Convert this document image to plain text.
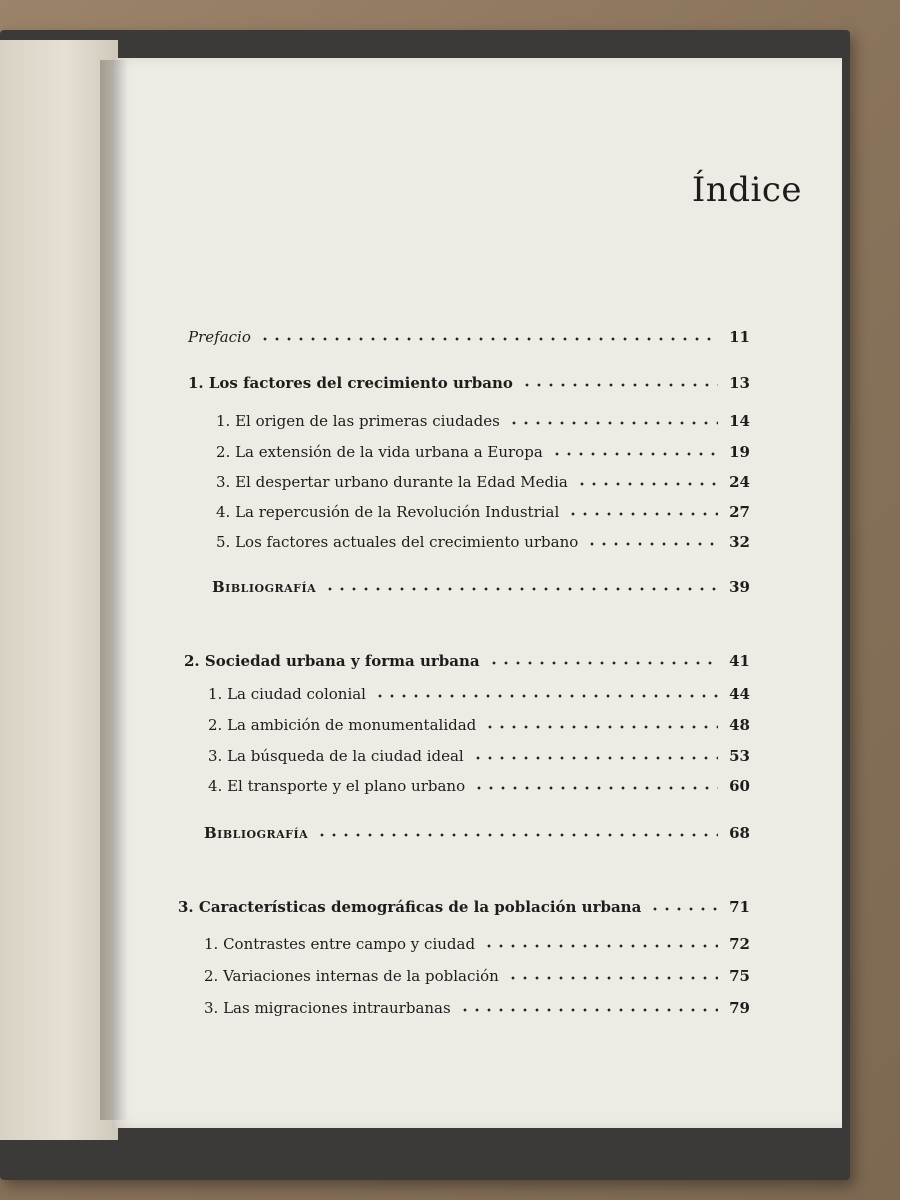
Índice
Prefacio	11
1. Los factores del crecimiento urbano	13
1. El origen de las primeras ciudades	14
2. La extensión de la vida urbana a Europa	19
3. El despertar urbano durante la Edad Media	24
4. La repercusión de la Revolución Industrial	27
5. Los factores actuales del crecimiento urbano	32
Bibliografía	39
2. Sociedad urbana y forma urbana	41
1. La ciudad colonial	44
2. La ambición de monumentalidad	48
3. La búsqueda de la ciudad ideal	53
4. El transporte y el plano urbano	60
Bibliografía	68
3. Características demográficas de la población urbana	71
1. Contrastes entre campo y ciudad	72
2. Variaciones internas de la población	75
3. Las migraciones intraurbanas	79
